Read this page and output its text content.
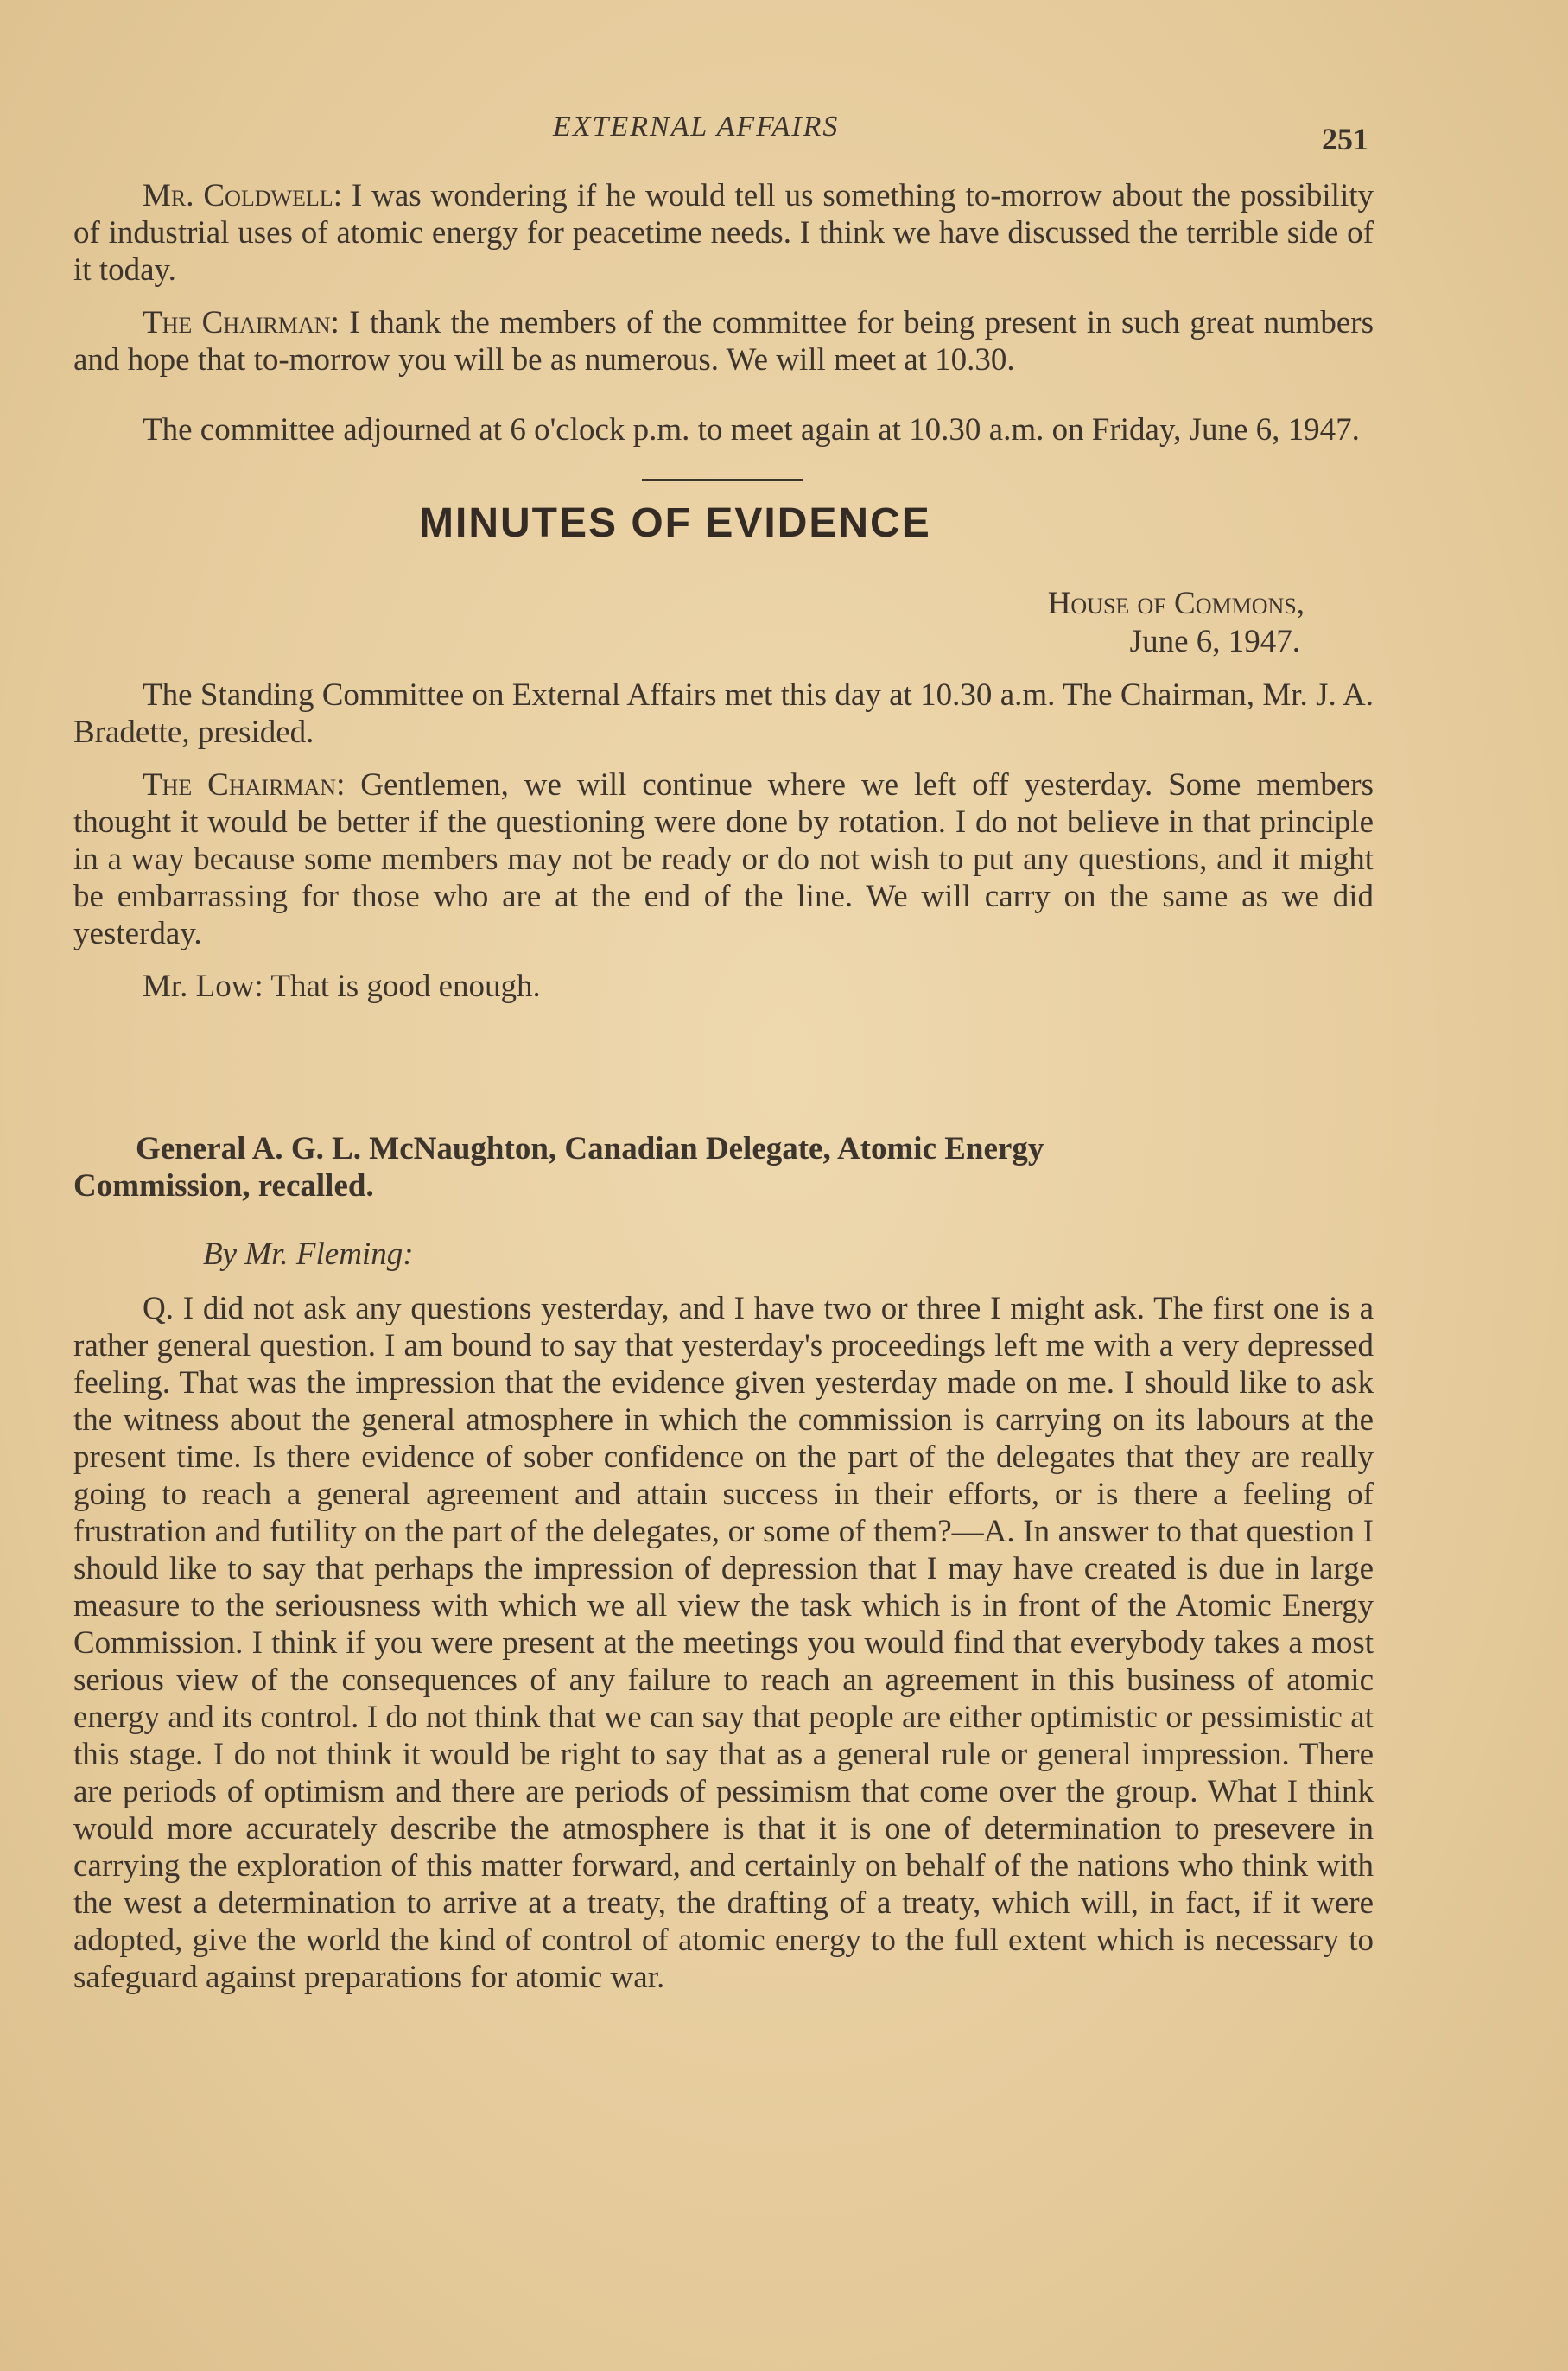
EXTERNAL AFFAIRS	251

Mr. Coldwell: I was wondering if he would tell us something to-morrow about the possibility of industrial uses of atomic energy for peacetime needs. I think we have discussed the terrible side of it today.

The Chairman: I thank the members of the committee for being present in such great numbers and hope that to-morrow you will be as numerous. We will meet at 10.30.

The committee adjourned at 6 o'clock p.m. to meet again at 10.30 a.m. on Friday, June 6, 1947.

MINUTES OF EVIDENCE
House of Commons,
June 6, 1947.

The Standing Committee on External Affairs met this day at 10.30 a.m. The Chairman, Mr. J. A. Bradette, presided.

The Chairman: Gentlemen, we will continue where we left off yesterday. Some members thought it would be better if the questioning were done by rotation. I do not believe in that principle in a way because some members may not be ready or do not wish to put any questions, and it might be embarrassing for those who are at the end of the line. We will carry on the same as we did yesterday.

Mr. Low: That is good enough.

General A. G. L. McNaughton, Canadian Delegate, Atomic Energy
Commission, recalled.
By Mr. Fleming:

Q. I did not ask any questions yesterday, and I have two or three I might ask. The first one is a rather general question. I am bound to say that yesterday's proceedings left me with a very depressed feeling. That was the impression that the evidence given yesterday made on me. I should like to ask the witness about the general atmosphere in which the commission is carrying on its labours at the present time. Is there evidence of sober confidence on the part of the delegates that they are really going to reach a general agreement and attain success in their efforts, or is there a feeling of frustration and futility on the part of the delegates, or some of them?—A. In answer to that question I should like to say that perhaps the impression of depression that I may have created is due in large measure to the seriousness with which we all view the task which is in front of the Atomic Energy Commission. I think if you were present at the meetings you would find that everybody takes a most serious view of the consequences of any failure to reach an agreement in this business of atomic energy and its control. I do not think that we can say that people are either optimistic or pessimistic at this stage. I do not think it would be right to say that as a general rule or general impression. There are periods of optimism and there are periods of pessimism that come over the group. What I think would more accurately describe the atmosphere is that it is one of determination to presevere in carrying the exploration of this matter forward, and certainly on behalf of the nations who think with the west a determination to arrive at a treaty, the drafting of a treaty, which will, in fact, if it were adopted, give the world the kind of control of atomic energy to the full extent which is necessary to safeguard against preparations for atomic war.
